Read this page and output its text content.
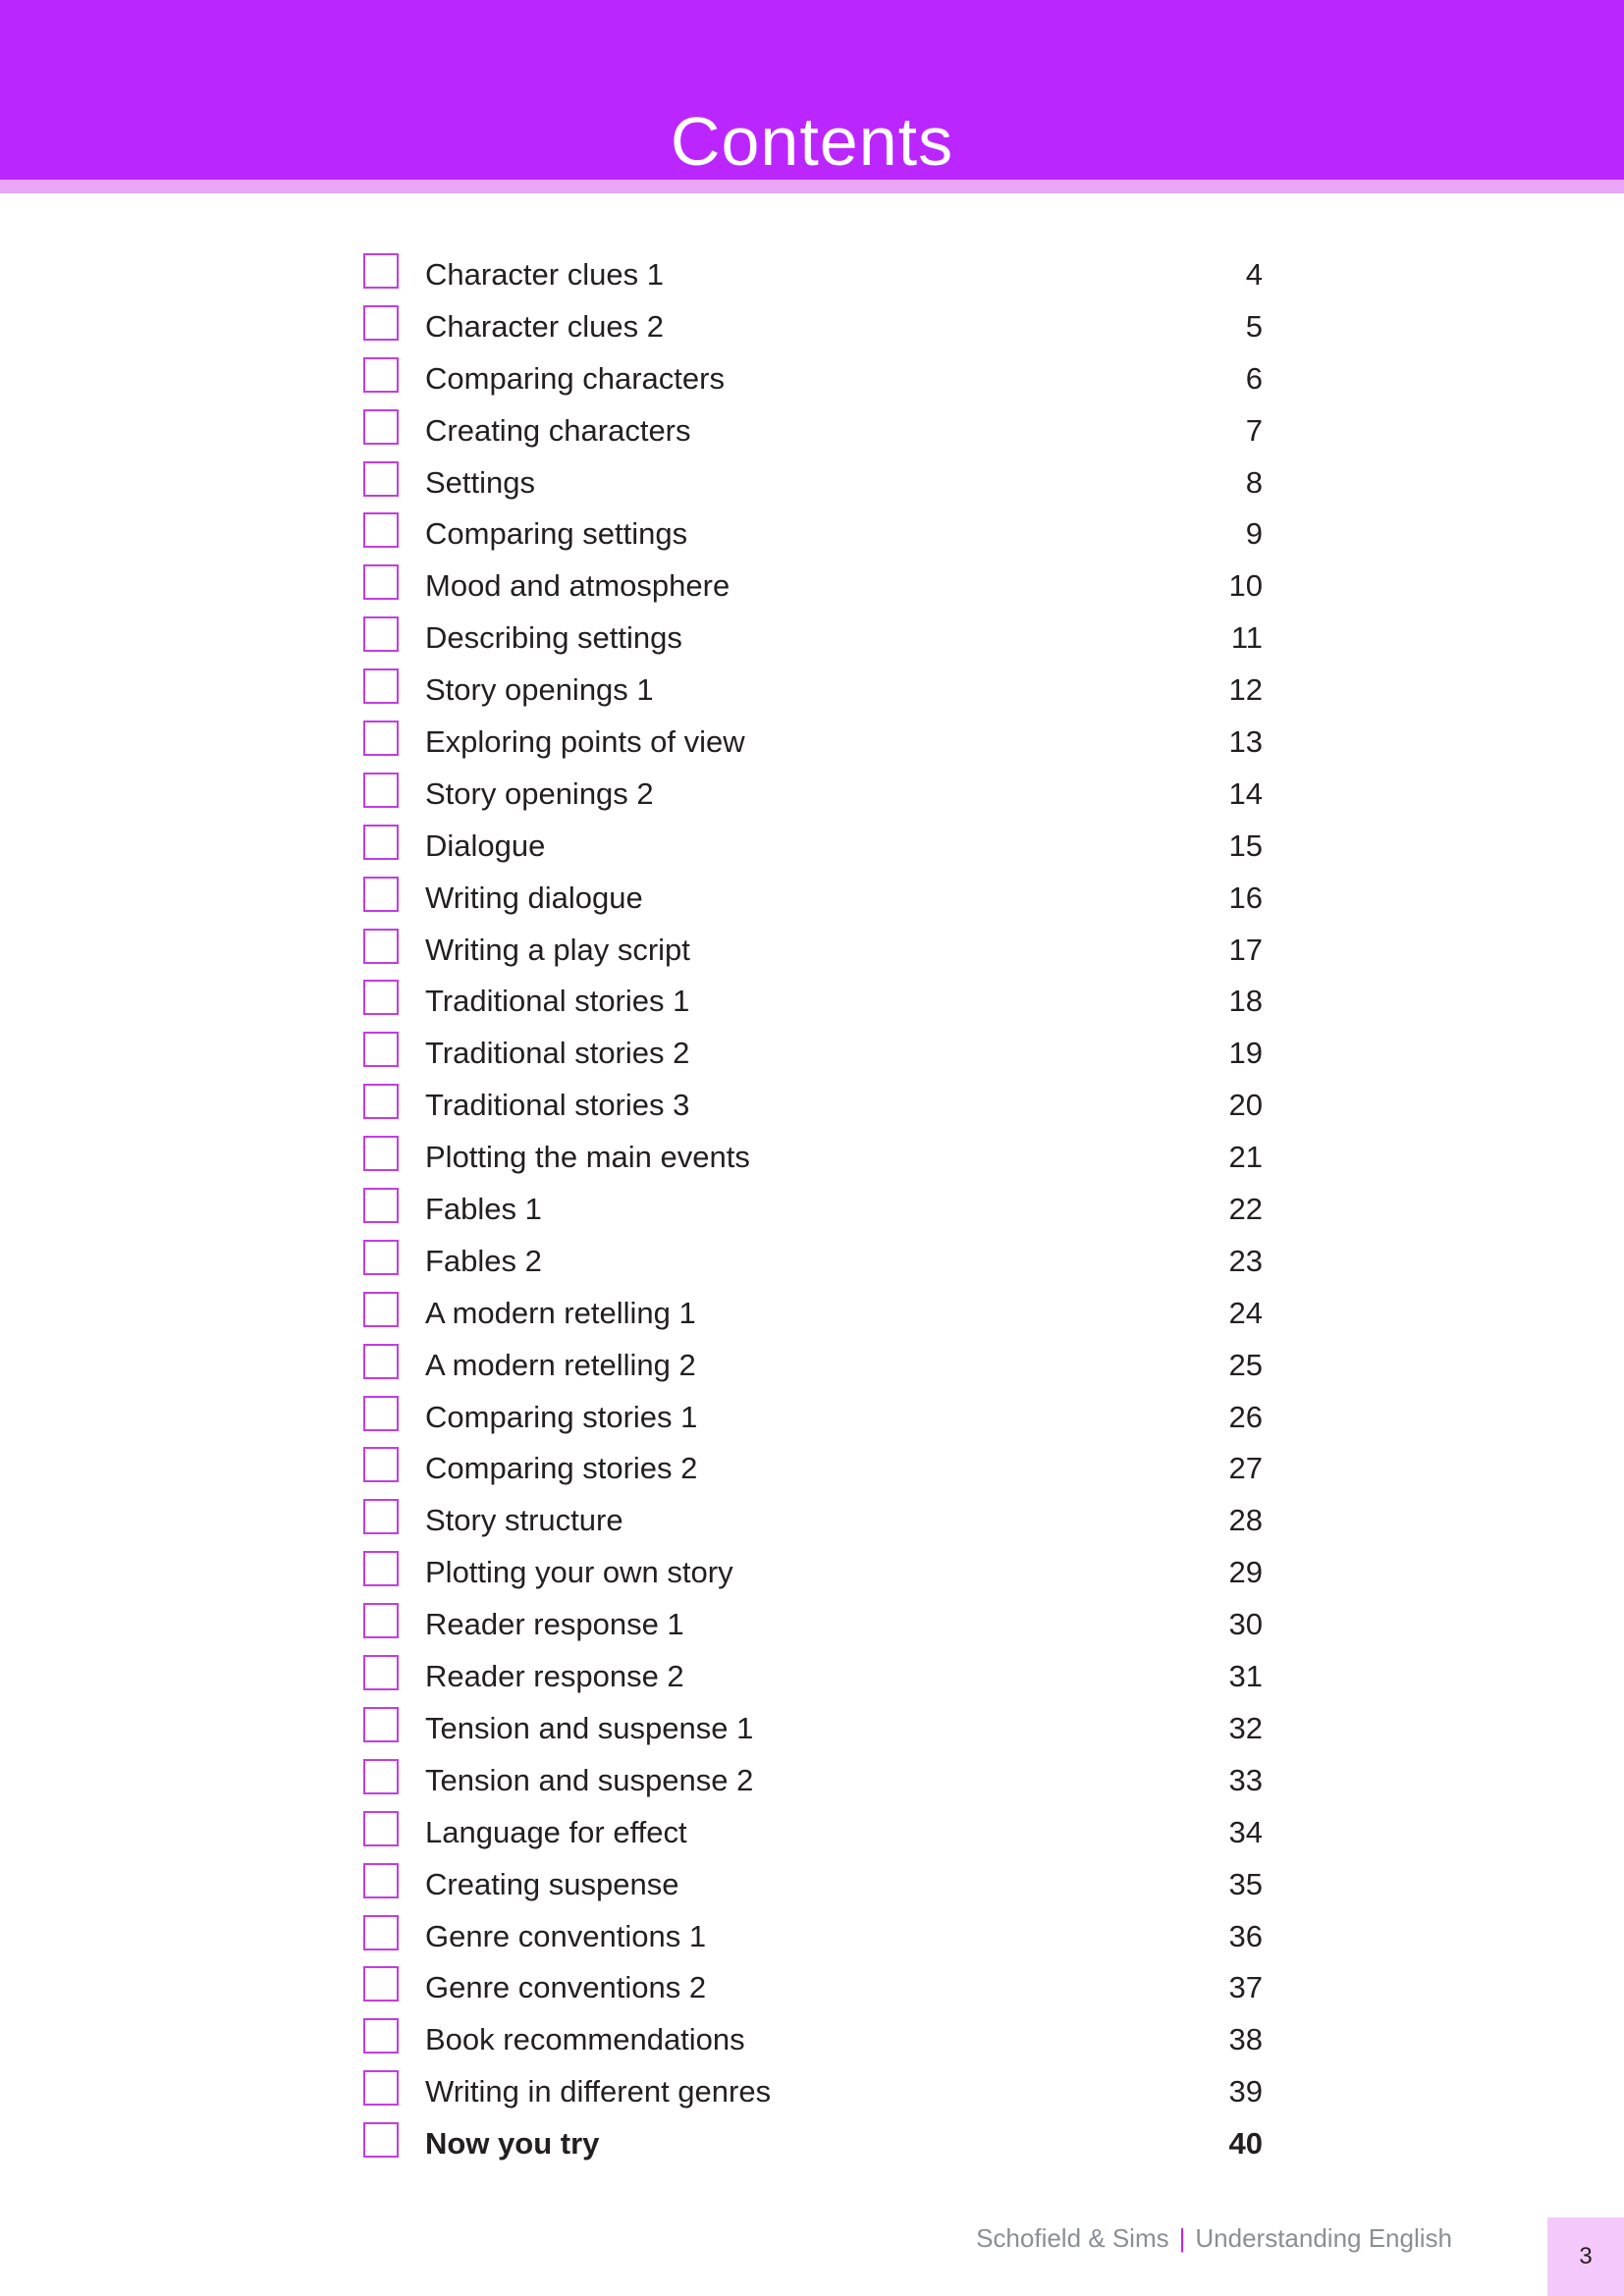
Contents
Character clues 1	4
Character clues 2	5
Comparing characters	6
Creating characters	7
Settings	8
Comparing settings	9
Mood and atmosphere	10
Describing settings	11
Story openings 1	12
Exploring points of view	13
Story openings 2	14
Dialogue	15
Writing dialogue	16
Writing a play script	17
Traditional stories 1	18
Traditional stories 2	19
Traditional stories 3	20
Plotting the main events	21
Fables 1	22
Fables 2	23
A modern retelling 1	24
A modern retelling 2	25
Comparing stories 1	26
Comparing stories 2	27
Story structure	28
Plotting your own story	29
Reader response 1	30
Reader response 2	31
Tension and suspense 1	32
Tension and suspense 2	33
Language for effect	34
Creating suspense	35
Genre conventions 1	36
Genre conventions 2	37
Book recommendations	38
Writing in different genres	39
Now you try	40
Schofield & Sims | Understanding English
3
